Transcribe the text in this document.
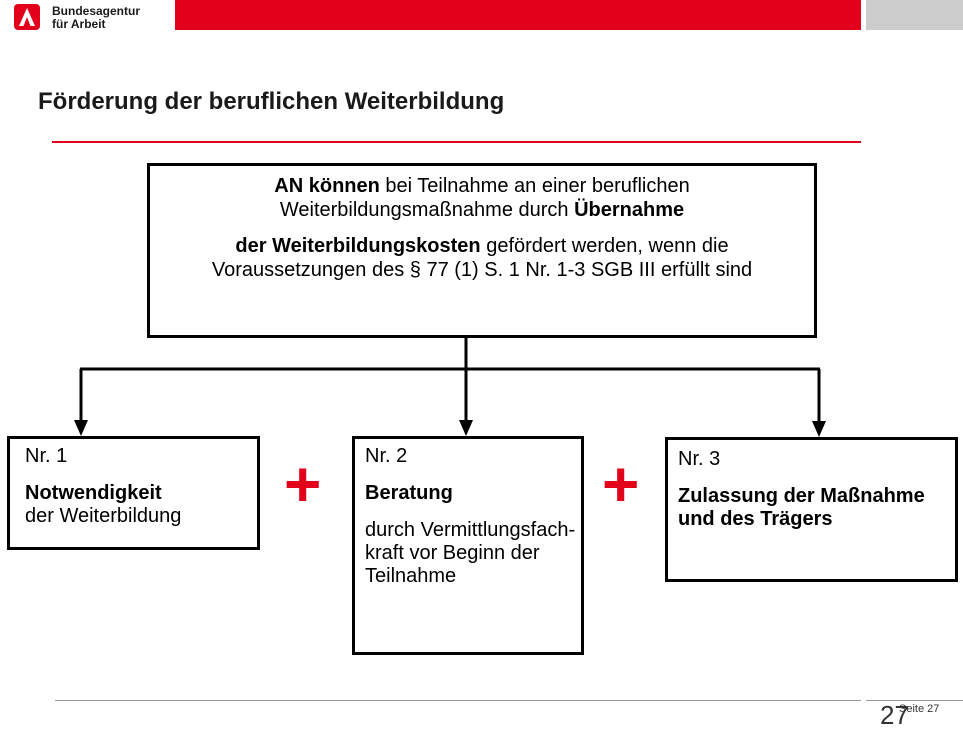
Bundesagentur
für Arbeit
Förderung der beruflichen Weiterbildung

AN können bei Teilnahme an einer beruflichen Weiterbildungsmaßnahme durch Übernahme

der Weiterbildungskosten gefördert werden, wenn die Voraussetzungen des § 77 (1) S. 1 Nr. 1-3 SGB III erfüllt sind

Nr. 1

Notwendigkeit

der Weiterbildung	+ Nr. 2

Beratung

durch Vermittlungsfach-kraft vor Beginn der Teilnahme

+ Nr. 3

Zulassung der Maßnahme und des Trägers

27
Seite 27
